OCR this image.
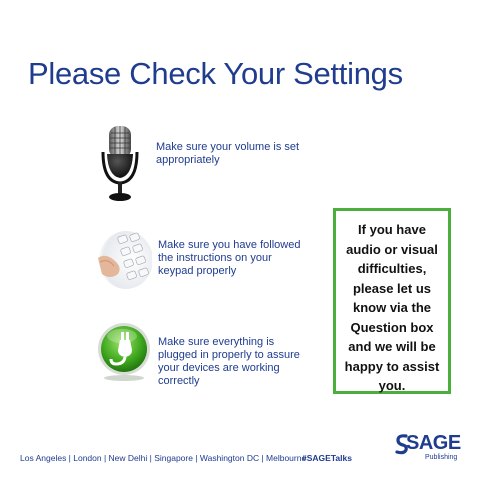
Please Check Your Settings
Make sure your volume is set appropriately
Make sure you have followed the instructions on your keypad properly
Make sure everything is plugged in properly to assure your devices are working correctly
If you have audio or visual difficulties, please let us know via the Question box and we will be happy to assist you.
Los Angeles | London | New Delhi | Singapore | Washington DC | Melbourne
#SAGETalks
SAGE
Publishing
